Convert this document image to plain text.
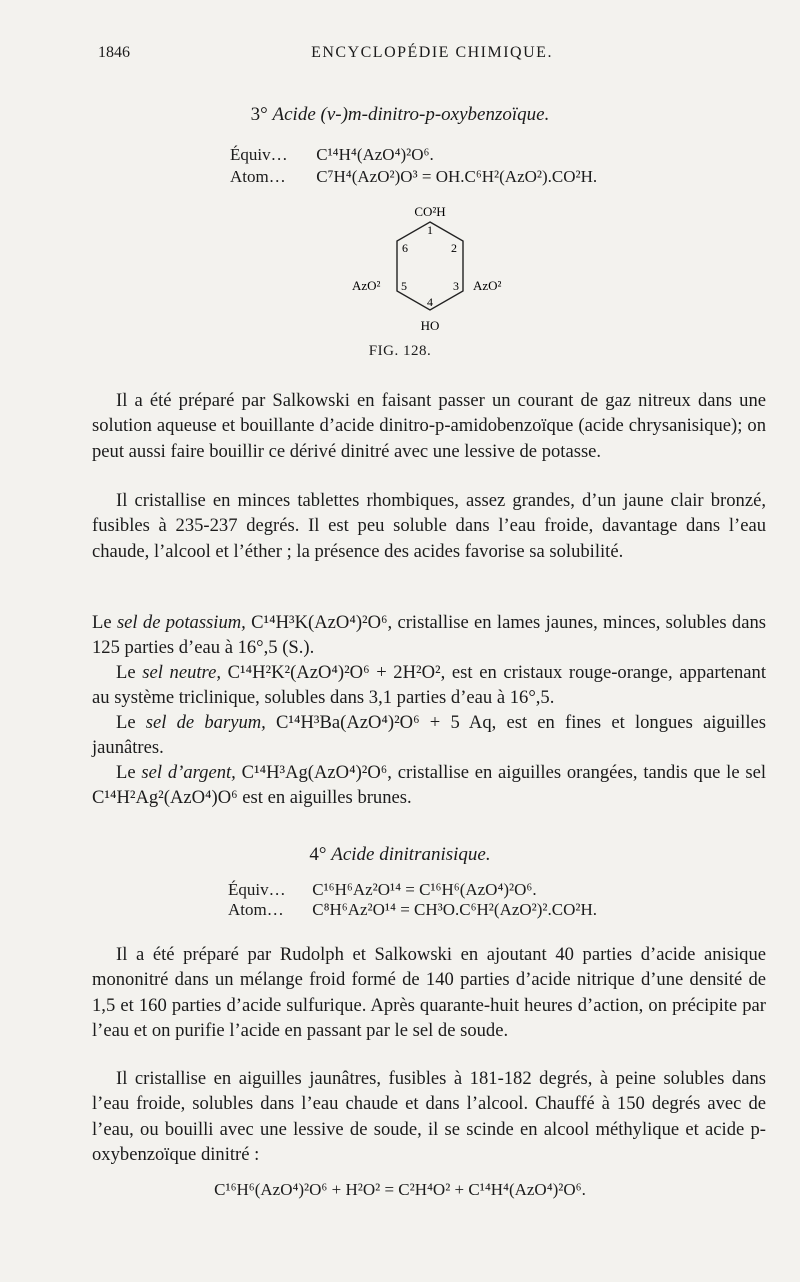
1846	ENCYCLOPÉDIE CHIMIQUE.
3° Acide (v-)m-dinitro-p-oxybenzoïque.
Équiv… C¹⁴H⁴(AzO⁴)²O⁶.
Atom… C⁷H⁴(AzO²)O³ = OH.C⁶H²(AzO²).CO²H.
CO²H
HO
AzO²	AzO²
1
2
3
4
5
6
FIG. 128.
Il a été préparé par Salkowski en faisant passer un courant de gaz nitreux dans une solution aqueuse et bouillante d’acide dinitro-p-amidobenzoïque (acide chrysanisique); on peut aussi faire bouillir ce dérivé dinitré avec une lessive de potasse.
Il cristallise en minces tablettes rhombiques, assez grandes, d’un jaune clair bronzé, fusibles à 235-237 degrés. Il est peu soluble dans l’eau froide, davantage dans l’eau chaude, l’alcool et l’éther ; la présence des acides favorise sa solubilité.
Le sel de potassium, C¹⁴H³K(AzO⁴)²O⁶, cristallise en lames jaunes, minces, solubles dans 125 parties d’eau à 16°,5 (S.).
Le sel neutre, C¹⁴H²K²(AzO⁴)²O⁶ + 2H²O², est en cristaux rouge-orange, appartenant au système triclinique, solubles dans 3,1 parties d’eau à 16°,5.
Le sel de baryum, C¹⁴H³Ba(AzO⁴)²O⁶ + 5 Aq, est en fines et longues aiguilles jaunâtres.
Le sel d’argent, C¹⁴H³Ag(AzO⁴)²O⁶, cristallise en aiguilles orangées, tandis que le sel C¹⁴H²Ag²(AzO⁴)O⁶ est en aiguilles brunes.
4° Acide dinitranisique.
Équiv… C¹⁶H⁶Az²O¹⁴ = C¹⁶H⁶(AzO⁴)²O⁶.
Atom… C⁸H⁶Az²O¹⁴ = CH³O.C⁶H²(AzO²)².CO²H.
Il a été préparé par Rudolph et Salkowski en ajoutant 40 parties d’acide anisique mononitré dans un mélange froid formé de 140 parties d’acide nitrique d’une densité de 1,5 et 160 parties d’acide sulfurique. Après quarante-huit heures d’action, on précipite par l’eau et on purifie l’acide en passant par le sel de soude.
Il cristallise en aiguilles jaunâtres, fusibles à 181-182 degrés, à peine solubles dans l’eau froide, solubles dans l’eau chaude et dans l’alcool. Chauffé à 150 degrés avec de l’eau, ou bouilli avec une lessive de soude, il se scinde en alcool méthylique et acide p-oxybenzoïque dinitré :
C¹⁶H⁶(AzO⁴)²O⁶ + H²O² = C²H⁴O² + C¹⁴H⁴(AzO⁴)²O⁶.
